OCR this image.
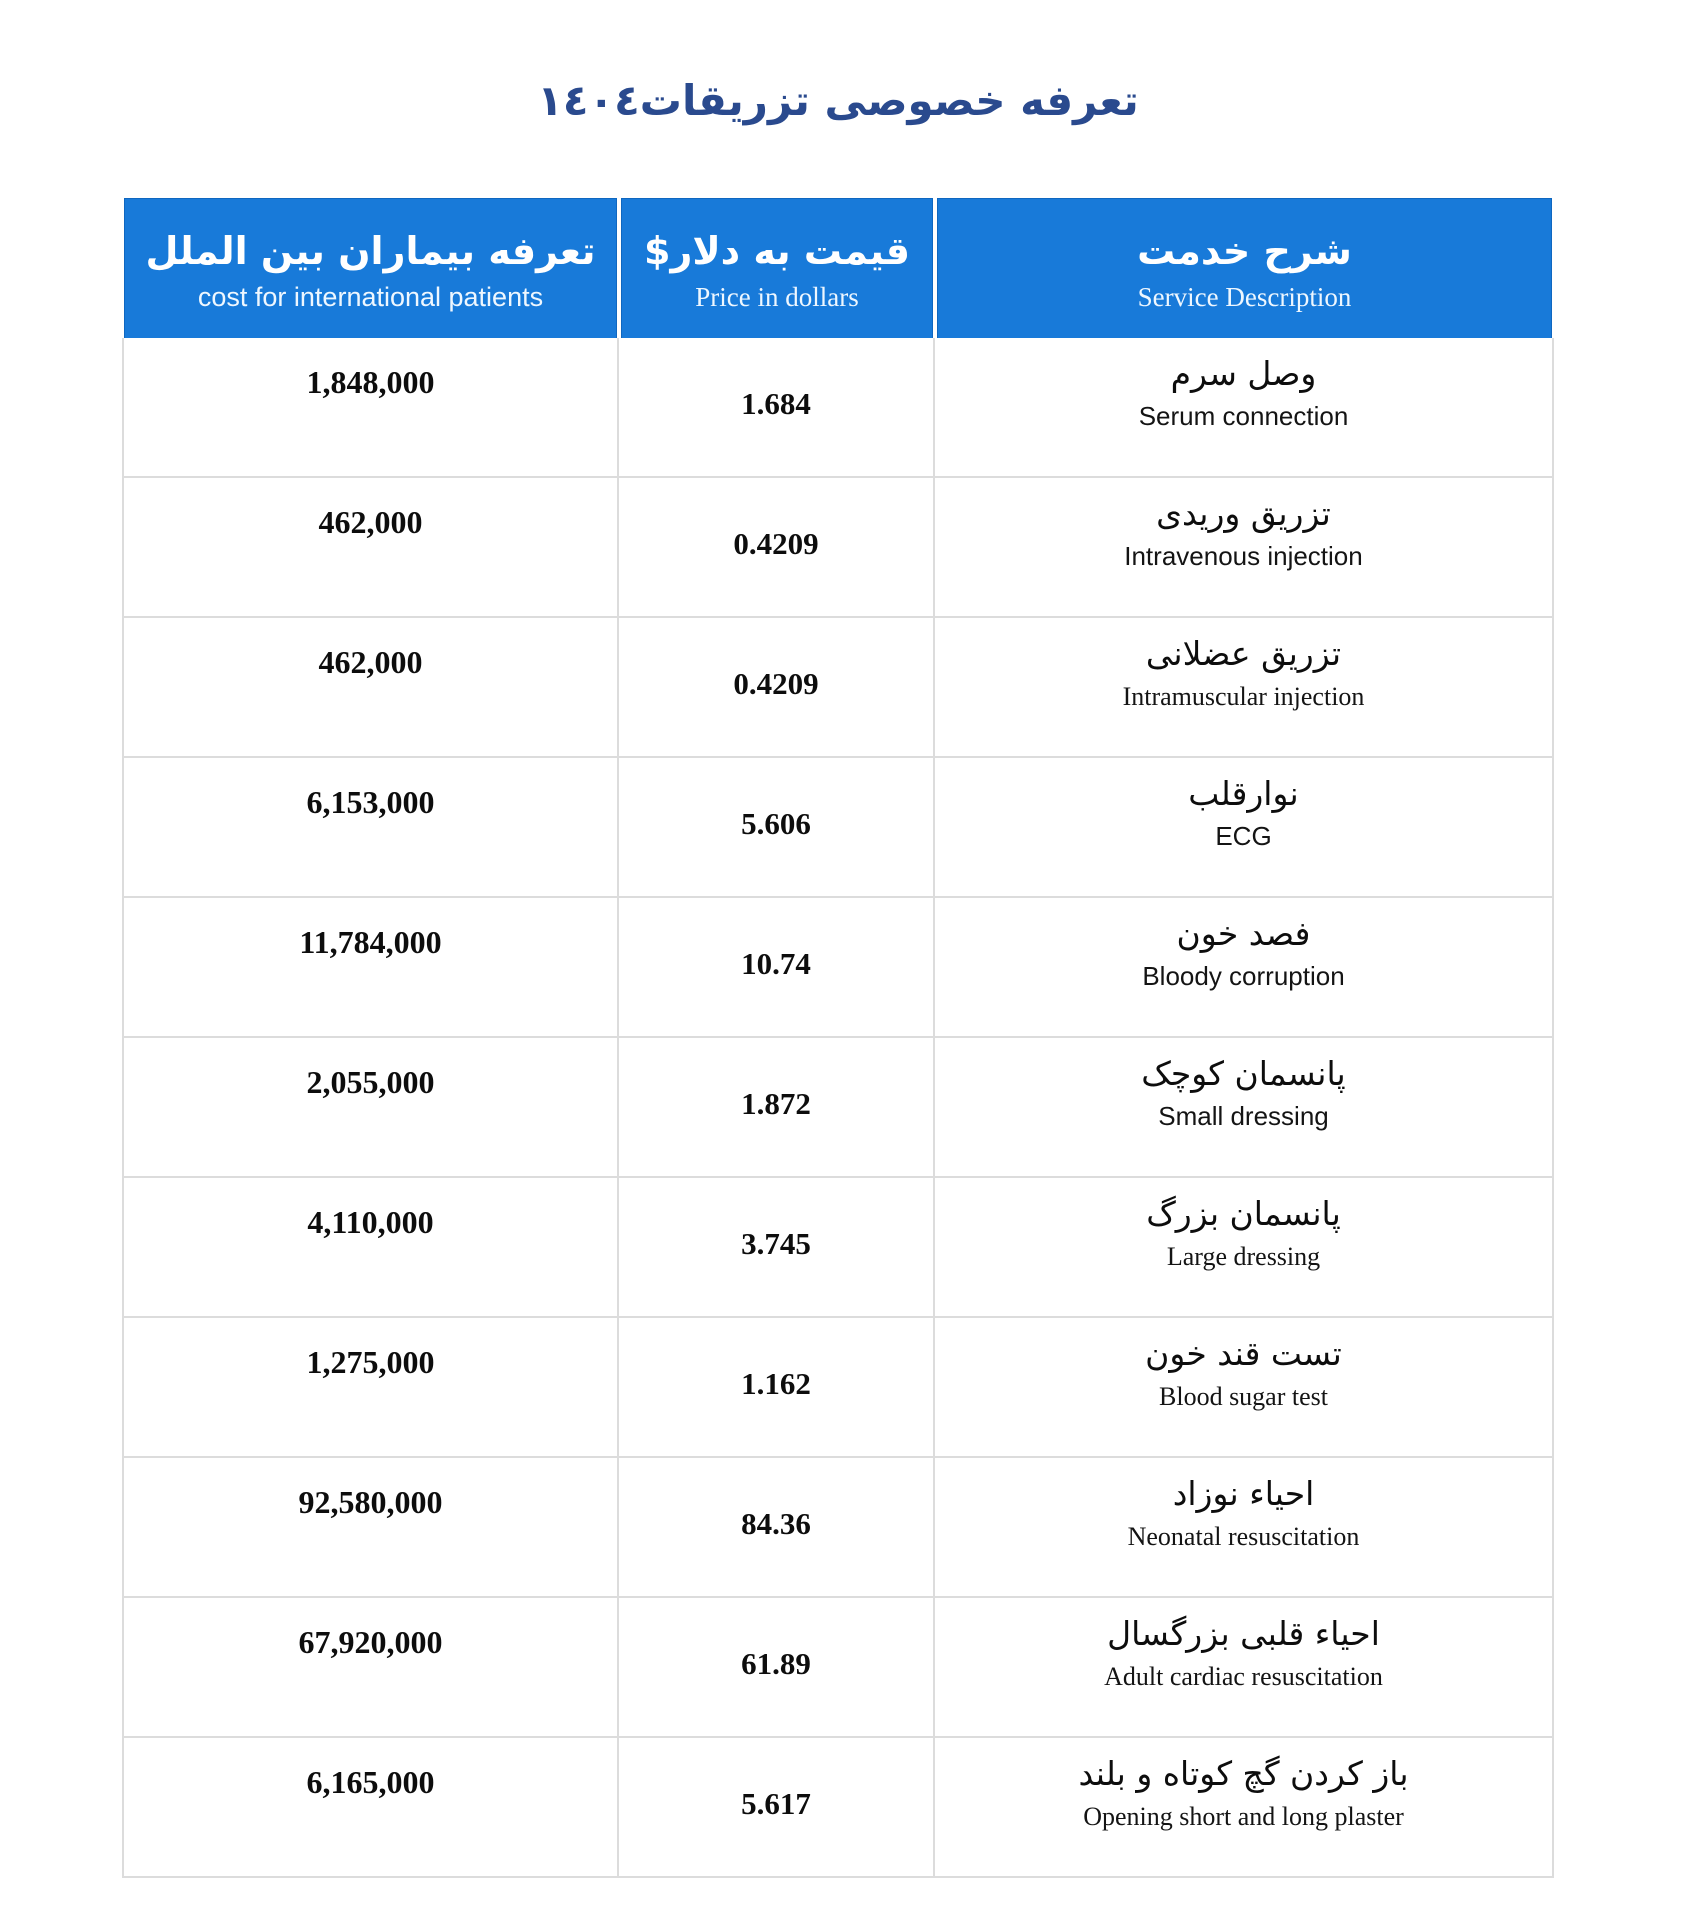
تعرفه خصوصی تزریقات١٤٠٤
تعرفه بیماران بین الملل
cost for international patients
قیمت به دلار$
Price in dollars
شرح خدمت
Service Description
1,848,000
1.684
وصل سرم
Serum connection
462,000
0.4209
تزریق وریدی
Intravenous injection
462,000
0.4209
تزریق عضلانی
Intramuscular injection
6,153,000
5.606
نوارقلب
ECG
11,784,000
10.74
فصد خون
Bloody corruption
2,055,000
1.872
پانسمان کوچک
Small dressing
4,110,000
3.745
پانسمان بزرگ
Large dressing
1,275,000
1.162
تست قند خون
Blood sugar test
92,580,000
84.36
احیاء نوزاد
Neonatal resuscitation
67,920,000
61.89
احیاء قلبی بزرگسال
Adult cardiac resuscitation
6,165,000
5.617
باز کردن گچ کوتاه و بلند
Opening short and long plaster
